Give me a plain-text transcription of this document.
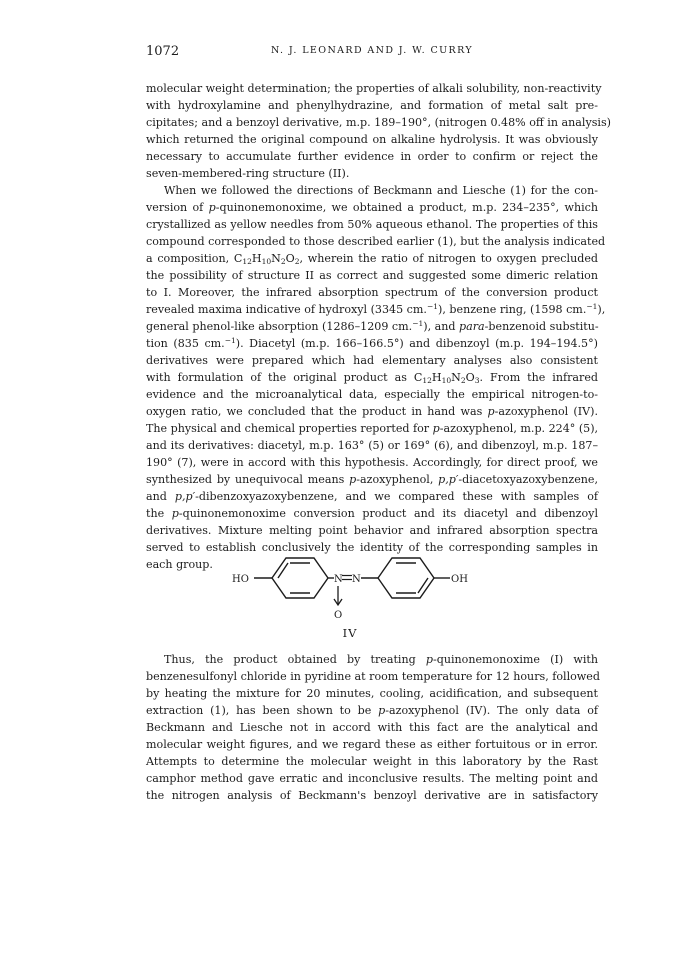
1072	N. J. LEONARD AND J. W. CURRY
molecular weight determination; the properties of alkali solubility, non-reactivity
with hydroxylamine and phenylhydrazine, and formation of metal salt pre-
cipitates; and a benzoyl derivative, m.p. 189–190°, (nitrogen 0.48% off in analysis)
which returned the original compound on alkaline hydrolysis. It was obviously
necessary to accumulate further evidence in order to confirm or reject the
seven-membered-ring structure (II).
When we followed the directions of Beckmann and Liesche (1) for the con-
version of p-quinonemonoxime, we obtained a product, m.p. 234–235°, which
crystallized as yellow needles from 50% aqueous ethanol. The properties of this
compound corresponded to those described earlier (1), but the analysis indicated
a composition, $C_{12}H_{10}N_2O_2$, wherein the ratio of nitrogen to oxygen precluded
the possibility of structure II as correct and suggested some dimeric relation
to I. Moreover, the infrared absorption spectrum of the conversion product
revealed maxima indicative of hydroxyl (3345 cm.$^{-1}$), benzene ring, (1598 cm.$^{-1}$),
general phenol-like absorption (1286–1209 cm.$^{-1}$), and para-benzenoid substitu-
tion (835 cm.$^{-1}$). Diacetyl (m.p. 166–166.5°) and dibenzoyl (m.p. 194–194.5°)
derivatives were prepared which had elementary analyses also consistent
with formulation of the original product as $C_{12}H_{10}N_2O_3$. From the infrared
evidence and the microanalytical data, especially the empirical nitrogen-to-
oxygen ratio, we concluded that the product in hand was p-azoxyphenol (IV).
The physical and chemical properties reported for p-azoxyphenol, m.p. 224° (5),
and its derivatives: diacetyl, m.p. 163° (5) or 169° (6), and dibenzoyl, m.p. 187–
190° (7), were in accord with this hypothesis. Accordingly, for direct proof, we
synthesized by unequivocal means p-azoxyphenol, p,p′-diacetoxyazoxybenzene,
and p,p′-dibenzoxyazoxybenzene, and we compared these with samples of
the p-quinonemonoxime conversion product and its diacetyl and dibenzoyl
derivatives. Mixture melting point behavior and infrared absorption spectra
served to establish conclusively the identity of the corresponding samples in
each group.
HO	N N
O
OH
IV
Thus, the product obtained by treating p-quinonemonoxime (I) with
benzenesulfonyl chloride in pyridine at room temperature for 12 hours, followed
by heating the mixture for 20 minutes, cooling, acidification, and subsequent
extraction (1), has been shown to be p-azoxyphenol (IV). The only data of
Beckmann and Liesche not in accord with this fact are the analytical and
molecular weight figures, and we regard these as either fortuitous or in error.
Attempts to determine the molecular weight in this laboratory by the Rast
camphor method gave erratic and inconclusive results. The melting point and
the nitrogen analysis of Beckmann's benzoyl derivative are in satisfactory
